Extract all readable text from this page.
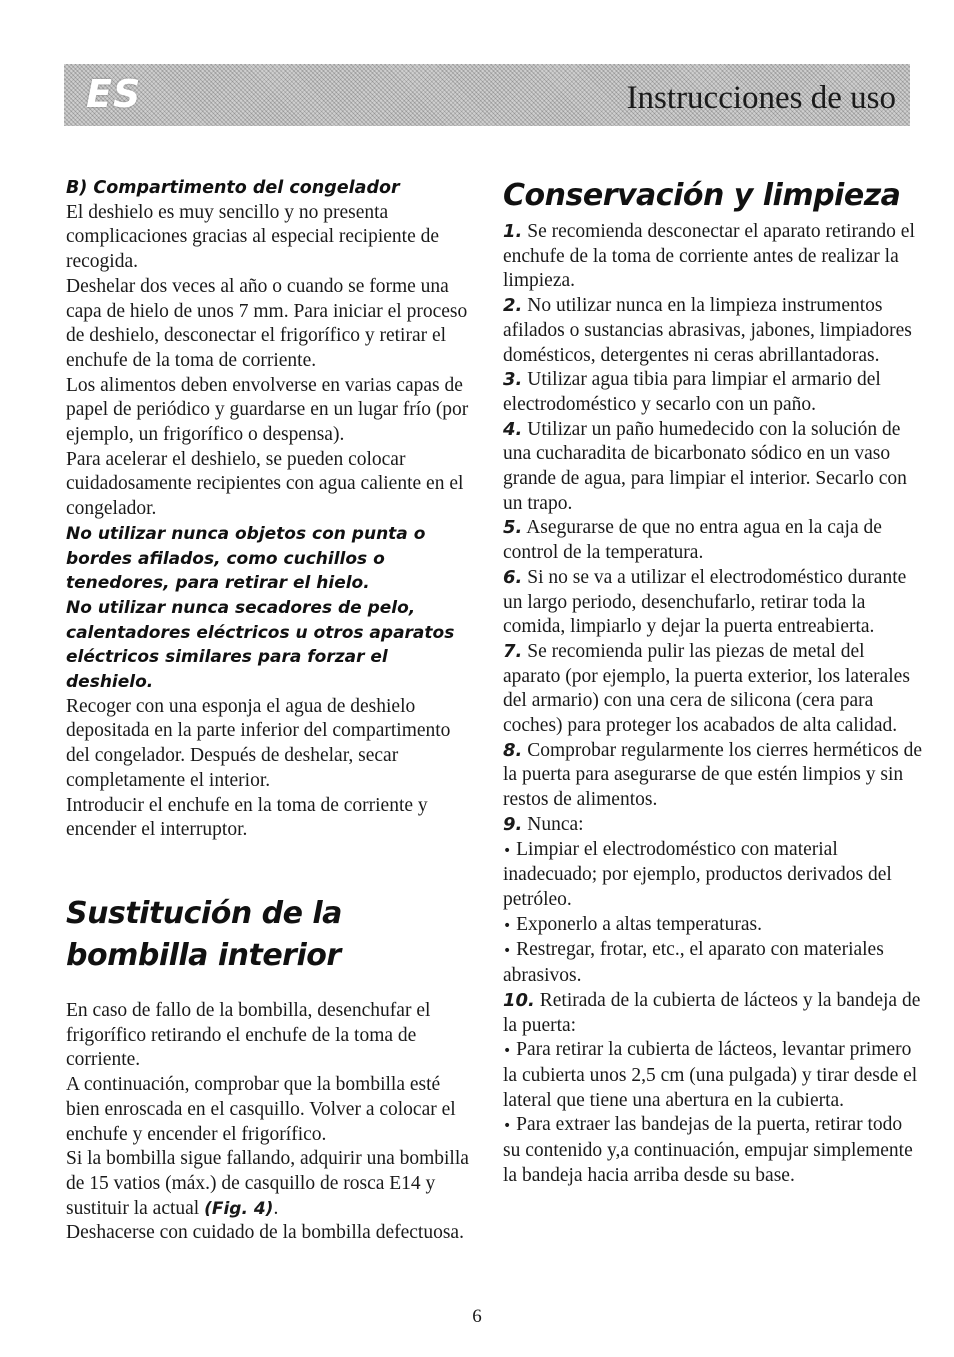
ES	Instrucciones de uso

B) Compartimento del congelador

El deshielo es muy sencillo y no presenta complicaciones gracias al especial recipiente de recogida.

Deshelar dos veces al año o cuando se forme una capa de hielo de unos 7 mm. Para iniciar el proceso de deshielo, desconectar el frigorífico y retirar el enchufe de la toma de corriente.

Los alimentos deben envolverse en varias capas de papel de periódico y guardarse en un lugar frío (por ejemplo, un frigorífico o despensa).

Para acelerar el deshielo, se pueden colocar cuidadosamente recipientes con agua caliente en el congelador.

No utilizar nunca objetos con punta o bordes afilados, como cuchillos o tenedores, para retirar el hielo.

No utilizar nunca secadores de pelo, calentadores eléctricos u otros aparatos eléctricos similares para forzar el deshielo.

Recoger con una esponja el agua de deshielo depositada en la parte inferior del compartimento del congelador. Después de deshelar, secar completamente el interior.

Introducir el enchufe en la toma de corriente y encender el interruptor.

Sustitución de la bombilla interior

En caso de fallo de la bombilla, desenchufar el frigorífico retirando el enchufe de la toma de corriente.

A continuación, comprobar que la bombilla esté bien enroscada en el casquillo. Volver a colocar el enchufe y encender el frigorífico.

Si la bombilla sigue fallando, adquirir una bombilla de 15 vatios (máx.) de casquillo de rosca E14 y sustituir la actual (Fig. 4).

Deshacerse con cuidado de la bombilla defectuosa.

Conservación y limpieza

1. Se recomienda desconectar el aparato retirando el enchufe de la toma de corriente antes de realizar la limpieza.

2. No utilizar nunca en la limpieza instrumentos afilados o sustancias abrasivas, jabones, limpiadores domésticos, detergentes ni ceras abrillantadoras.

3. Utilizar agua tibia para limpiar el armario del electrodoméstico y secarlo con un paño.

4. Utilizar un paño humedecido con la solución de una cucharadita de bicarbonato sódico en un vaso grande de agua, para limpiar el interior. Secarlo con un trapo.

5. Asegurarse de que no entra agua en la caja de control de la temperatura.

6. Si no se va a utilizar el electrodoméstico durante un largo periodo, desenchufarlo, retirar toda la comida, limpiarlo y dejar la puerta entreabierta.

7. Se recomienda pulir las piezas de metal del aparato (por ejemplo, la puerta exterior, los laterales del armario) con una cera de silicona (cera para coches) para proteger los acabados de alta calidad.

8. Comprobar regularmente los cierres herméticos de la puerta para asegurarse de que estén limpios y sin restos de alimentos.

9. Nunca:

• Limpiar el electrodoméstico con material inadecuado; por ejemplo, productos derivados del petróleo.

• Exponerlo a altas temperaturas.

• Restregar, frotar, etc., el aparato con materiales abrasivos.

10. Retirada de la cubierta de lácteos y la bandeja de la puerta:

• Para retirar la cubierta de lácteos, levantar primero la cubierta unos 2,5 cm (una pulgada) y tirar desde el lateral que tiene una abertura en la cubierta.

• Para extraer las bandejas de la puerta, retirar todo su contenido y,a continuación, empujar simplemente la bandeja hacia arriba desde su base.

6
